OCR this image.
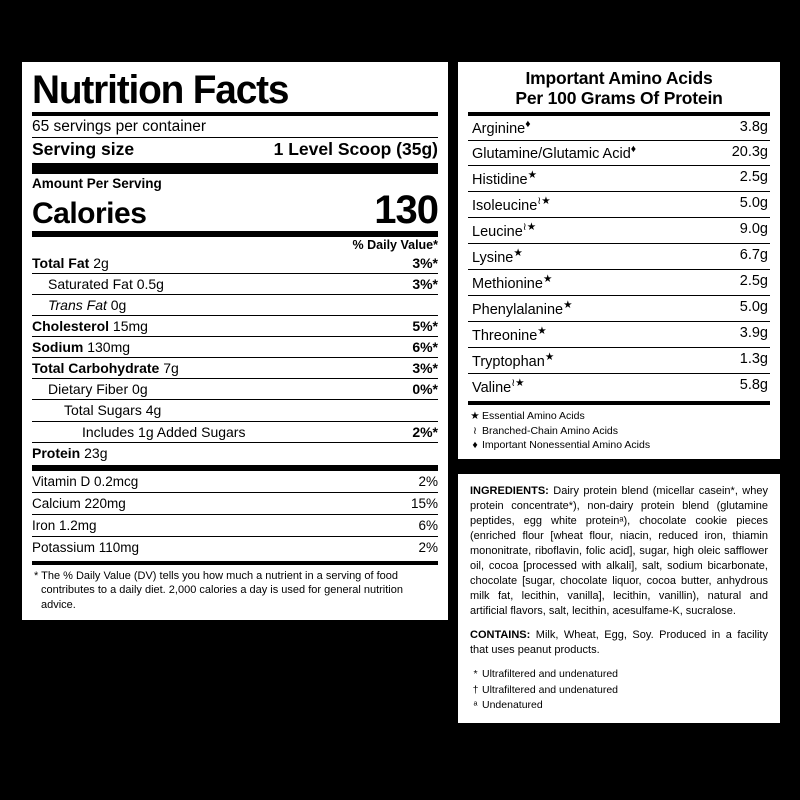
Nutrition Facts
65 servings per container
Serving size	1 Level Scoop (35g)
Amount Per Serving
Calories	130
% Daily Value*
Total Fat 2g	3%*
Saturated Fat 0.5g	3%*
Trans Fat 0g
Cholesterol 15mg	5%*
Sodium 130mg	6%*
Total Carbohydrate 7g	3%*
Dietary Fiber 0g	0%*
Total Sugars 4g
Includes 1g Added Sugars	2%*
Protein 23g
Vitamin D 0.2mcg	2%
Calcium 220mg	15%
Iron 1.2mg	6%
Potassium 110mg	2%
* The % Daily Value (DV) tells you how much a nutrient in a serving of food contributes to a daily diet. 2,000 calories a day is used for general nutrition advice.
Important Amino Acids
Per 100 Grams Of Protein
Arginine♦	3.8g
Glutamine/Glutamic Acid♦	20.3g
Histidine★	2.5g
Isoleucine≀★	5.0g
Leucine≀★	9.0g
Lysine★	6.7g
Methionine★	2.5g
Phenylalanine★	5.0g
Threonine★	3.9g
Tryptophan★	1.3g
Valine≀★	5.8g
★ Essential Amino Acids
≀ Branched-Chain Amino Acids
♦ Important Nonessential Amino Acids
INGREDIENTS: Dairy protein blend (micellar casein*, whey protein concentrate*), non-dairy protein blend (glutamine peptides, egg white proteinᵃ), chocolate cookie pieces (enriched flour [wheat flour, niacin, reduced iron, thiamin mononitrate, riboflavin, folic acid], sugar, high oleic safflower oil, cocoa [processed with alkali], salt, sodium bicarbonate, chocolate [sugar, chocolate liquor, cocoa butter, anhydrous milk fat, lecithin, vanilla], lecithin, vanillin), natural and artificial flavors, salt, lecithin, acesulfame-K, sucralose.
CONTAINS: Milk, Wheat, Egg, Soy. Produced in a facility that uses peanut products.
* Ultrafiltered and undenatured
† Ultrafiltered and undenatured
ᵃ Undenatured
